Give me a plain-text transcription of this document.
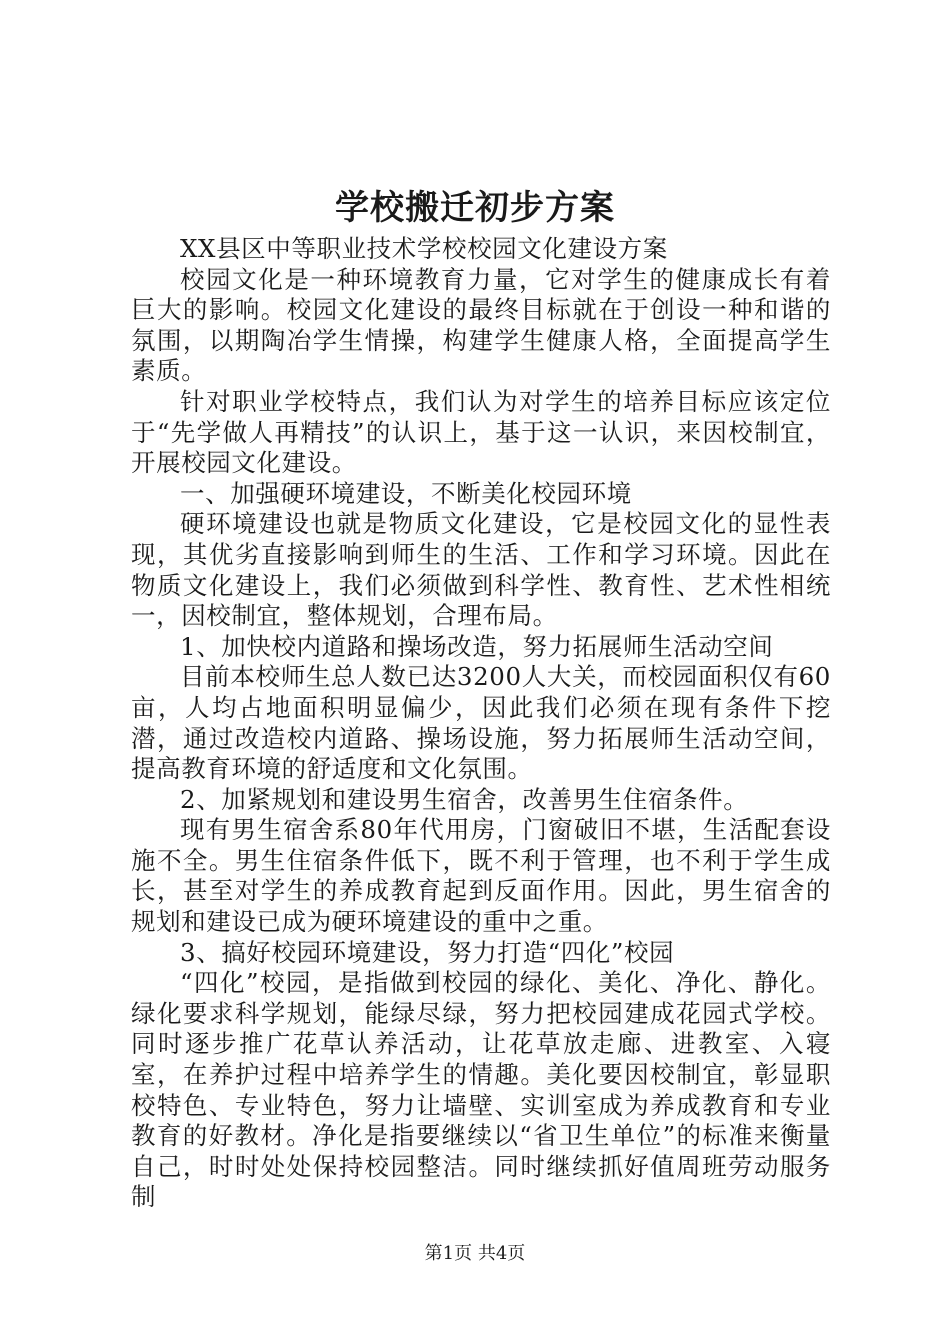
学校搬迁初步方案

XX县区中等职业技术学校校园文化建设方案

校园文化是一种环境教育力量，它对学生的健康成长有着巨大的影响。校园文化建设的最终目标就在于创设一种和谐的氛围，以期陶冶学生情操，构建学生健康人格，全面提高学生素质。

针对职业学校特点，我们认为对学生的培养目标应该定位于“先学做人再精技”的认识上，基于这一认识，来因校制宜，开展校园文化建设。

一、加强硬环境建设，不断美化校园环境

硬环境建设也就是物质文化建设，它是校园文化的显性表现，其优劣直接影响到师生的生活、工作和学习环境。因此在物质文化建设上，我们必须做到科学性、教育性、艺术性相统一，因校制宜，整体规划，合理布局。

1、加快校内道路和操场改造，努力拓展师生活动空间

目前本校师生总人数已达3200人大关，而校园面积仅有60亩，人均占地面积明显偏少，因此我们必须在现有条件下挖潜，通过改造校内道路、操场设施，努力拓展师生活动空间，提高教育环境的舒适度和文化氛围。

2、加紧规划和建设男生宿舍，改善男生住宿条件。

现有男生宿舍系80年代用房，门窗破旧不堪，生活配套设施不全。男生住宿条件低下，既不利于管理，也不利于学生成长，甚至对学生的养成教育起到反面作用。因此，男生宿舍的规划和建设已成为硬环境建设的重中之重。

3、搞好校园环境建设，努力打造“四化”校园

“四化”校园，是指做到校园的绿化、美化、净化、静化。绿化要求科学规划，能绿尽绿，努力把校园建成花园式学校。同时逐步推广花草认养活动，让花草放走廊、进教室、入寝室，在养护过程中培养学生的情趣。美化要因校制宜，彰显职校特色、专业特色，努力让墙壁、实训室成为养成教育和专业教育的好教材。净化是指要继续以“省卫生单位”的标准来衡量自己，时时处处保持校园整洁。同时继续抓好值周班劳动服务制

第1页 共4页
